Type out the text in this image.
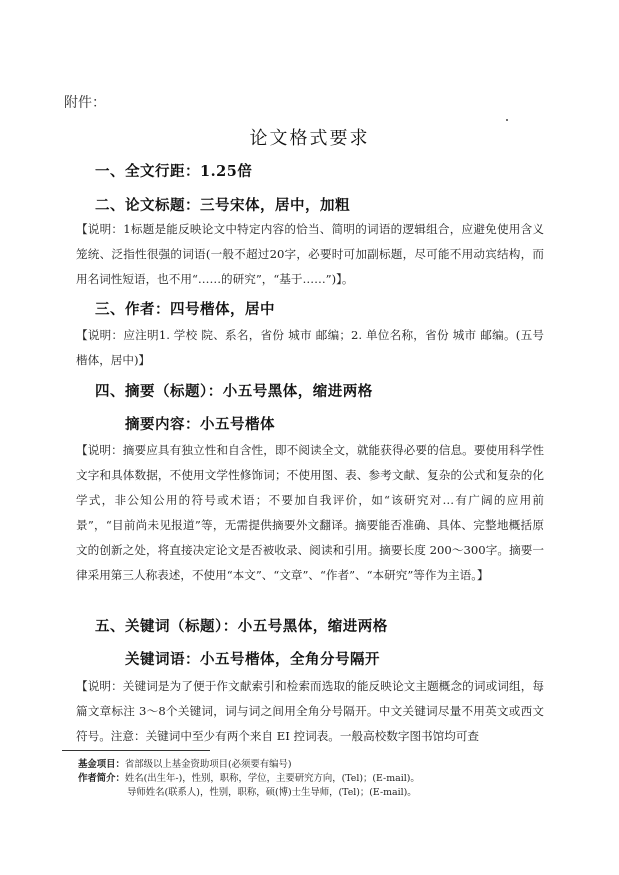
附件：
论文格式要求
一、全文行距：1.25倍
二、论文标题：三号宋体，居中，加粗
【说明：1标题是能反映论文中特定内容的恰当、简明的词语的逻辑组合，应避免使用含义笼统、泛指性很强的词语(一般不超过20字，必要时可加副标题，尽可能不用动宾结构，而用名词性短语，也不用“……的研究”，“基于……”)】。
三、作者：四号楷体，居中
【说明：应注明1. 学校 院、系名，省份 城市 邮编；2. 单位名称，省份 城市 邮编。(五号楷体，居中)】
四、摘要（标题）：小五号黑体，缩进两格
摘要内容：小五号楷体
【说明：摘要应具有独立性和自含性，即不阅读全文，就能获得必要的信息。要使用科学性文字和具体数据，不使用文学性修饰词；不使用图、表、参考文献、复杂的公式和复杂的化学式，非公知公用的符号或术语；不要加自我评价，如“该研究对…有广阔的应用前景”，“目前尚未见报道”等，无需提供摘要外文翻译。摘要能否准确、具体、完整地概括原文的创新之处，将直接决定论文是否被收录、阅读和引用。摘要长度 200～300字。摘要一律采用第三人称表述，不使用“本文”、“文章”、“作者”、“本研究”等作为主语。】
五、关键词（标题）：小五号黑体，缩进两格
关键词语：小五号楷体，全角分号隔开
【说明：关键词是为了便于作文献索引和检索而选取的能反映论文主题概念的词或词组，每篇文章标注 3～8个关键词，词与词之间用全角分号隔开。中文关键词尽量不用英文或西文符号。注意：关键词中至少有两个来自 EI 控词表。一般高校数字图书馆均可查
基金项目：省部级以上基金资助项目(必须要有编号)
作者简介：姓名(出生年-)，性别，职称，学位，主要研究方向，(Tel)；(E-mail)。
导师姓名(联系人)，性别，职称，硕(博)士生导师，(Tel)；(E-mail)。
